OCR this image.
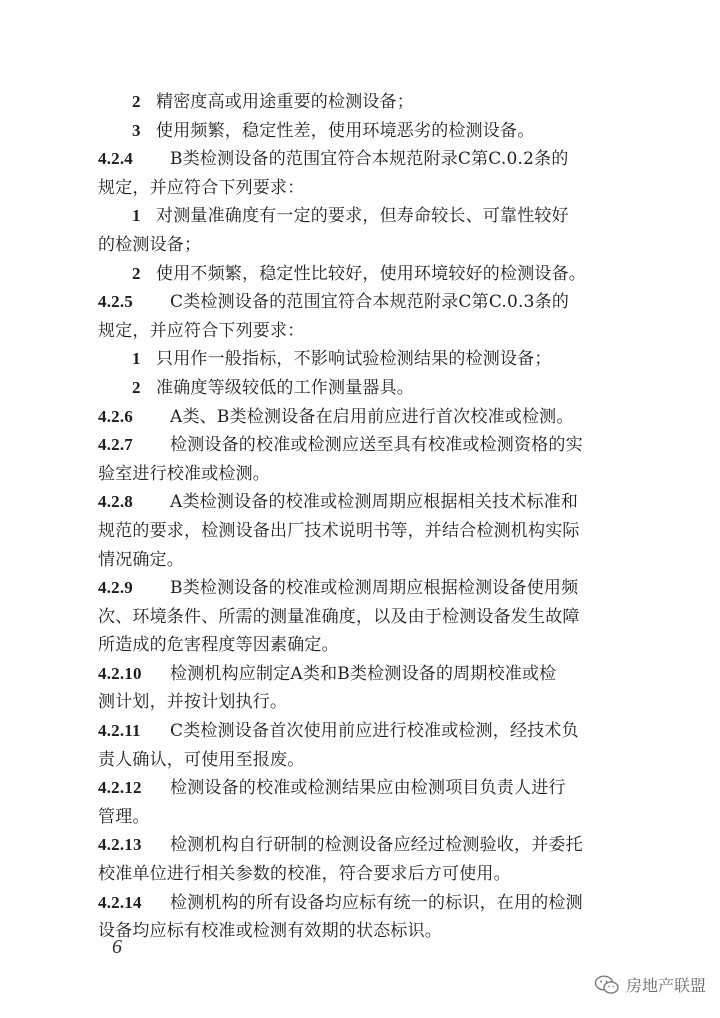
2 精密度高或用途重要的检测设备；
3 使用频繁，稳定性差，使用环境恶劣的检测设备。
4.2.4 B类检测设备的范围宜符合本规范附录C第C.0.2条的
规定，并应符合下列要求：
1 对测量准确度有一定的要求，但寿命较长、可靠性较好
的检测设备；
2 使用不频繁，稳定性比较好，使用环境较好的检测设备。
4.2.5 C类检测设备的范围宜符合本规范附录C第C.0.3条的
规定，并应符合下列要求：
1 只用作一般指标，不影响试验检测结果的检测设备；
2 准确度等级较低的工作测量器具。
4.2.6 A类、B类检测设备在启用前应进行首次校准或检测。
4.2.7 检测设备的校准或检测应送至具有校准或检测资格的实
验室进行校准或检测。
4.2.8 A类检测设备的校准或检测周期应根据相关技术标准和
规范的要求，检测设备出厂技术说明书等，并结合检测机构实际
情况确定。
4.2.9 B类检测设备的校准或检测周期应根据检测设备使用频
次、环境条件、所需的测量准确度，以及由于检测设备发生故障
所造成的危害程度等因素确定。
4.2.10 检测机构应制定A类和B类检测设备的周期校准或检
测计划，并按计划执行。
4.2.11 C类检测设备首次使用前应进行校准或检测，经技术负
责人确认，可使用至报废。
4.2.12 检测设备的校准或检测结果应由检测项目负责人进行
管理。
4.2.13 检测机构自行研制的检测设备应经过检测验收，并委托
校准单位进行相关参数的校准，符合要求后方可使用。
4.2.14 检测机构的所有设备均应标有统一的标识，在用的检测
设备均应标有校准或检测有效期的状态标识。
6
房地产联盟
